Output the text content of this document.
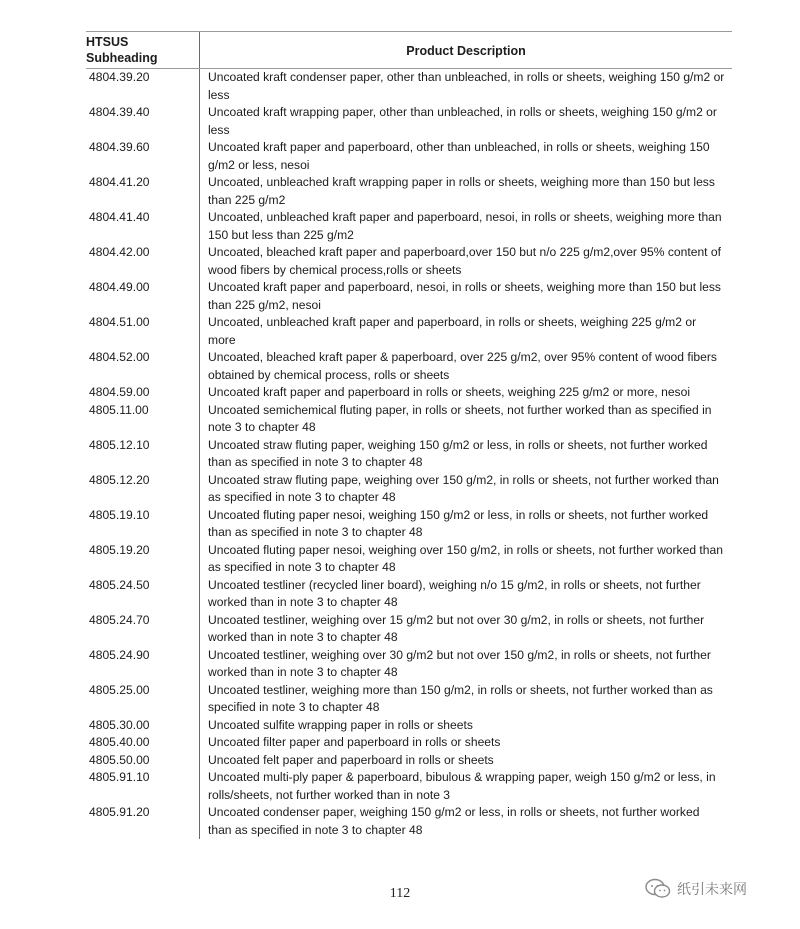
HTSUS
Subheading	Product Description
4804.39.20	Uncoated kraft condenser paper, other than unbleached, in rolls or sheets, weighing 150 g/m2 or less
4804.39.40	Uncoated kraft wrapping paper, other than unbleached, in rolls or sheets, weighing 150 g/m2 or less
4804.39.60	Uncoated kraft paper and paperboard, other than unbleached, in rolls or sheets, weighing 150 g/m2 or less, nesoi
4804.41.20	Uncoated, unbleached kraft wrapping paper in rolls or sheets, weighing more than 150 but less than 225 g/m2
4804.41.40	Uncoated, unbleached kraft paper and paperboard, nesoi, in rolls or sheets, weighing more than 150 but less than 225 g/m2
4804.42.00	Uncoated, bleached kraft paper and paperboard,over 150 but n/o 225 g/m2,over 95% content of wood fibers by chemical process,rolls or sheets
4804.49.00	Uncoated kraft paper and paperboard, nesoi, in rolls or sheets, weighing more than 150 but less than 225 g/m2, nesoi
4804.51.00	Uncoated, unbleached kraft paper and paperboard, in rolls or sheets, weighing 225 g/m2 or more
4804.52.00	Uncoated, bleached kraft paper & paperboard, over 225 g/m2, over 95% content of wood fibers obtained by chemical process, rolls or sheets
4804.59.00	Uncoated kraft paper and paperboard in rolls or sheets, weighing 225 g/m2 or more, nesoi
4805.11.00	Uncoated semichemical fluting paper, in rolls or sheets, not further worked than as specified in note 3 to chapter 48
4805.12.10	Uncoated straw fluting paper, weighing 150 g/m2 or less, in rolls or sheets, not further worked than as specified in note 3 to chapter 48
4805.12.20	Uncoated straw fluting pape, weighing over 150 g/m2, in rolls or sheets, not further worked than as specified in note 3 to chapter 48
4805.19.10	Uncoated fluting paper nesoi, weighing 150 g/m2 or less, in rolls or sheets, not further worked than as specified in note 3 to chapter 48
4805.19.20	Uncoated fluting paper nesoi, weighing over 150 g/m2, in rolls or sheets, not further worked than as specified in note 3 to chapter 48
4805.24.50	Uncoated testliner (recycled liner board), weighing n/o 15 g/m2, in rolls or sheets, not further worked than in note 3 to chapter 48
4805.24.70	Uncoated testliner, weighing over 15 g/m2 but not over 30 g/m2, in rolls or sheets, not further worked than in note 3 to chapter 48
4805.24.90	Uncoated testliner, weighing over 30 g/m2 but not over 150 g/m2, in rolls or sheets, not further worked than in note 3 to chapter 48
4805.25.00	Uncoated testliner, weighing more than 150 g/m2, in rolls or sheets, not further worked than as specified in note 3 to chapter 48
4805.30.00	Uncoated sulfite wrapping paper in rolls or sheets
4805.40.00	Uncoated filter paper and paperboard in rolls or sheets
4805.50.00	Uncoated felt paper and paperboard in rolls or sheets
4805.91.10	Uncoated multi-ply paper & paperboard, bibulous & wrapping paper, weigh 150 g/m2 or less, in rolls/sheets, not further worked than in note 3
4805.91.20	Uncoated condenser paper, weighing 150 g/m2 or less, in rolls or sheets, not further worked than as specified in note 3 to chapter 48
112	纸引未来网
